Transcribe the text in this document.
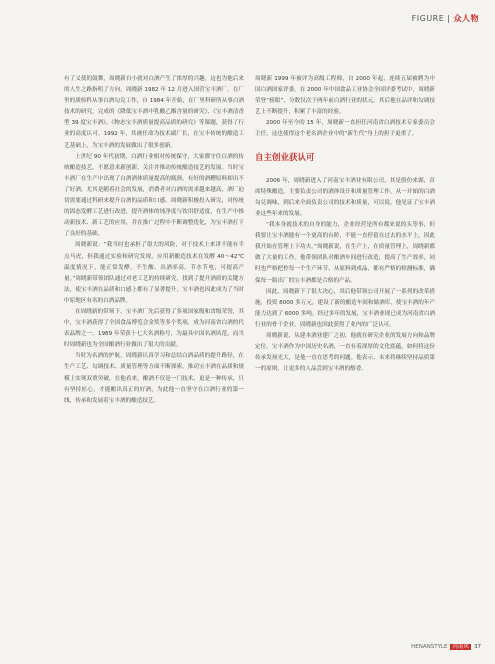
FIGURE | 众人物

有了义使的鼓舞，周晓新自小就对白酒产生了浓厚的兴趣，这也为他后来的人生之路指明了方向。周晓新 1982 年 12 月进入国营宝丰酒厂，在厂里的质检科从事白酒勾兑工作，自 1984 年开始，在厂里科研所从事白酒技术的研究，完成的《降低宝丰酒中乳酸乙酯含量的研究》、《宝丰酒清香型 39 度宝丰酒》、《物态宝丰酒质量提高品质的研究》等课题，获得了行业的高度认可。1992 年，其被任命为技术副厂长，在宝丰传统的酿造工艺基础上，为宝丰酒的发展做出了很多创新。

上世纪 90 年代初期，白酒行业相对传统保守，大家都守住白酒的传统酿造技艺，不愿意求新创新，关注并推动传统酿造技艺的发展。当时宝丰酒厂在生产中出现了白酒酒体质量提高的瓶颈，有好的酒糟原料却出不了好酒。尤其是随着社会的发展，消费者对白酒的需求越来越高，酒厂迫切需要通过科研来提升白酒的品质和口感。周晓新积极投入研究，对传统的固态发酵工艺进行改进，提升酒体的纯净度与饮用舒适度，在生产中推动新技术、新工艺的应用，并在推广过程中不断调整优化，为宝丰酒打下了良好的基础。

周晓新说：“我当时也承担了很大的风险，对于技术上来讲不能有半点马虎，但我通过实验和研究发现，应用新酿造技术在发酵 40～42℃ 温度情况下，能正常发酵，不生酸、出酒率高、节水节电，可提高产量。”周晓新带领团队通过对老工艺的持续研究，找到了提升酒质的关键方法，使宝丰酒在品质和口感上都有了显著提升，宝丰酒也因此成为了当时中原地区有名的白酒品牌。

在周晓新的带领下，宝丰酒厂先后获得了多项国家级和省级荣誉，其中，宝丰酒获得了全国食品博览会金奖等多个奖项，成为河南省白酒的代表品牌之一。1989 年荣获十七大名酒称号，为最具中国名酒风范，而当时周晓新也为全国酿酒行业做出了很大的贡献。

当时为名酒的护航，周晓新认真学习和总结白酒品质的提升路径，在生产工艺、勾调技术、质量管理等方面不断探索，推动宝丰酒在品质和规模上实现双重突破。在他看来，酿酒不仅是一门技术，更是一种传承，只有坚持匠心，才能酿出真正的好酒，为此他一直坚守在白酒行业的第一线，传承和发展着宝丰酒的酿造技艺。

周晓新 1999 年被评为高级工程师，自 2000 年起，连续五届被聘为中国白酒国家评委。在 2000 年中国食品工业协会全国评委考试中，周晓新荣登“榜眼”，分数仅次于两年前白酒行业的状元。其后他在品评和勾调技艺上不断提升，积累了丰富的经验。

2000 年至今的 15 年，周晓新一直担任河南省白酒技术专家委员会主任，这也使得这个老名酒企业中的“新生代”身上的担子更重了。

自主创业获认可

2006 年，周晓新进入了河南宝丰酒业有限公司，其是股份来源，首席特殊酿造，主要负责公司的酒体设计和质量管理工作。从一开始的白酒勾兑调味，到后来全面负责公司的技术和质量，可以说，他见证了宝丰酒业这些年来的发展。

“我本身就技术的自身的能力，企业经营是所有都来说的头等事，但我要让宝丰酒能有一个更高的台阶，不能一直停留在过去的水平上，因此我开始在管理上下功夫。”周晓新说，在生产上，在质量管理上，周晓新都做了大量的工作。他带领团队对酿酒车间进行改造，提高了生产效率，同时也严格把控每一个生产环节，从原料到成品，都有严格的检测标准，确保每一瓶出厂的宝丰酒都是合格的产品。

因此，周晓新下了很大决心，其后他带领公司开展了一系列的改革措施，投资 8000 多万元，建设了新的酿造车间和储酒库，使宝丰酒的年产能力达到了 6000 多吨。经过多年的发展，宝丰酒业现已成为河南省白酒行业的骨干企业，周晓新也因此获得了业内的广泛认可。

周晓新说，从建本酒业建厂之初，他就在研究企业的发展方向和品牌定位，宝丰酒作为中国历史名酒，一直有着深厚的文化底蕴，如何将这份传承发扬光大，是他一直在思考的问题。他表示，未来将继续坚持品质第一的原则，让更多的人品尝到宝丰酒的醇香。

HENANSTYLE 河南风 37
